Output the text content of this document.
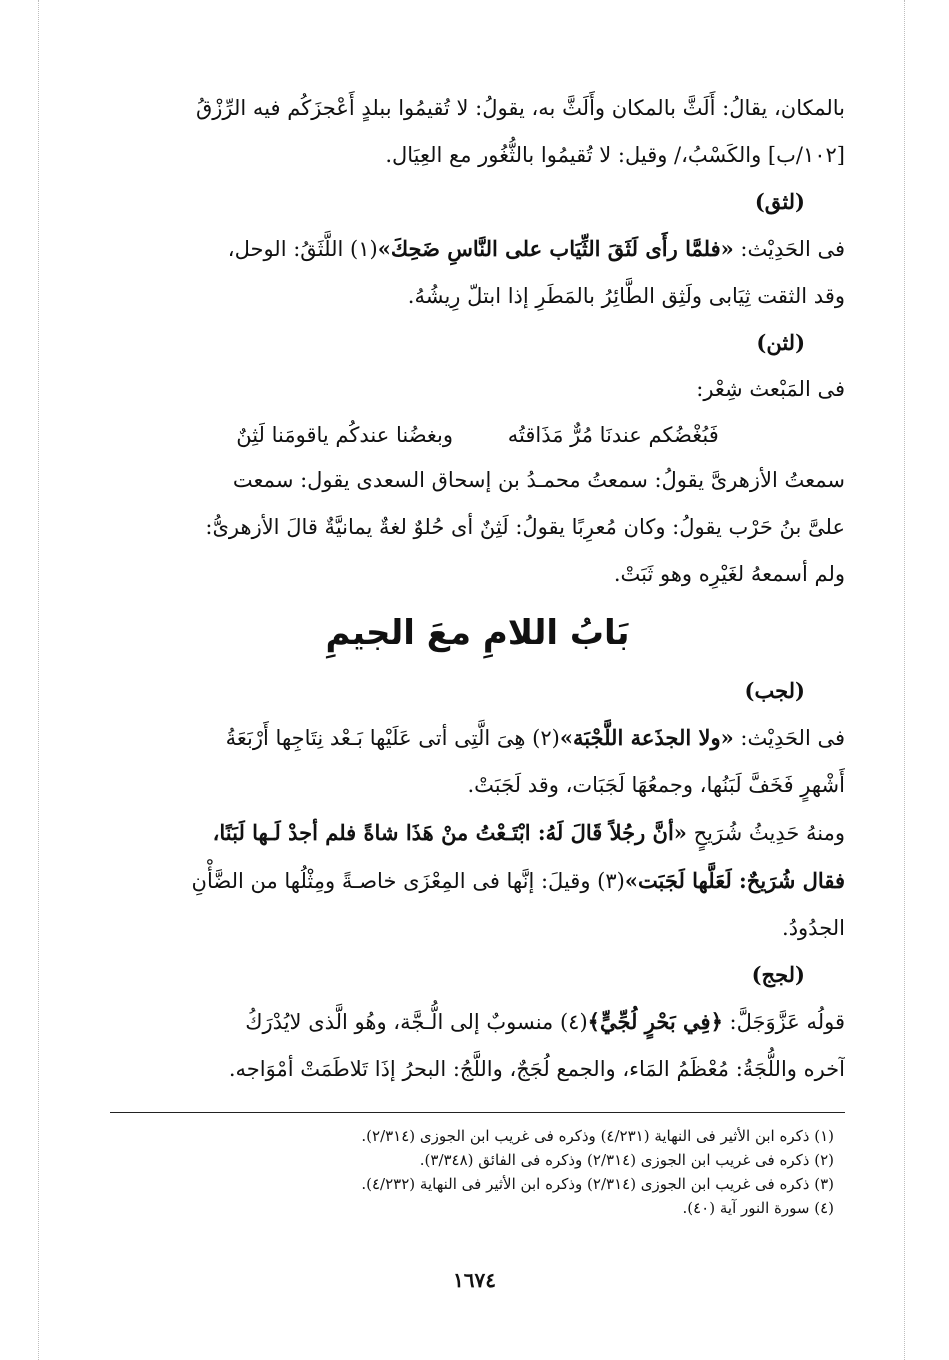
بالمكان، يقالُ: أَلَثَّ بالمكان وأَلَثَّ به، يقولُ: لا تُقيمُوا ببلدٍ أَعْجزَكُم فيه الرِّزْقُ
[١٠٢/ب] والكَسْبُ،/ وقيل: لا تُقيمُوا بالثُّغُور مع العِيَال.
(لثق)
فى الحَدِيْث: «فلمَّا رأَى لَثَقَ الثِّيَاب على النَّاسِ ضَحِكَ»(١) اللَّثَقُ: الوحل،
وقد الثقت ثِيَابى ولَثِق الطَّائِرُ بالمَطَرِ إذا ابتلّ رِيشُهُ.
(لثن)
فى المَبْعث شِعْر:
فَبُغْضُكم عندنَا مُرٌّ مَذَاقتُه وبغضُنا عندكُم ياقومَنا لَثِنٌ
سمعتُ الأزهرىَّ يقولُ: سمعتُ محمـدُ بن إسحاق السعدى يقول: سمعت
علىَّ بنُ حَرْب يقولُ: وكان مُعرِبًا يقولُ: لَثِنٌ أى حُلوٌ لغةٌ يمانيَّةٌ قالَ الأزهرىُّ:
ولم أسمعهُ لغَيْرِه وهو ثَبَتْ.
بَابُ اللامِ معَ الجيمِ
(لجب)
فى الحَدِيْث: «ولا الجذَعة اللَّجْبَة»(٢) هِىَ الَّتِى أتى عَلَيْها بَـعْد نِتَاجِها أَرْبَعَةُ
أَشْهرٍ فَخَفَّ لَبَنُها، وجمعُهَا لَجَبَات، وقد لَجَبَتْ.
ومنهُ حَدِيثُ شُرَيحٍ «أنَّ رجُلاً قَالَ لَهُ: ابْتَـعْتُ منْ هَذَا شاةً فلم أجدْ لَـها لَبَنًا،
فقال شُرَيحٌ: لَعَلَّها لَجَبَت»(٣) وقيلَ: إنَّها فى المِعْزَى خاصـةً ومِثْلُها من الضَّأْنِ
الجدُودُ.
(لجج)
قولُه عَزَّوَجَلَّ: ﴿فِي بَحْرٍ لُجِّيٍّ﴾(٤) منسوبٌ إلى الُّـجَّة، وهُو الَّذى لايُدْرَكُ
آخره واللُّجَةُ: مُعْظَمُ المَاء، والجمع لُجَجٌ، واللَّجُ: البحرُ إذَا تَلاطَمَتْ أمْوَاجه.
(١) ذكره ابن الأثير فى النهاية (٤/٢٣١) وذكره فى غريب ابن الجوزى (٢/٣١٤).
(٢) ذكره فى غريب ابن الجوزى (٢/٣١٤) وذكره فى الفائق (٣/٣٤٨).
(٣) ذكره فى غريب ابن الجوزى (٢/٣١٤) وذكره ابن الأثير فى النهاية (٤/٢٣٢).
(٤) سورة النور آية (٤٠).
١٦٧٤
